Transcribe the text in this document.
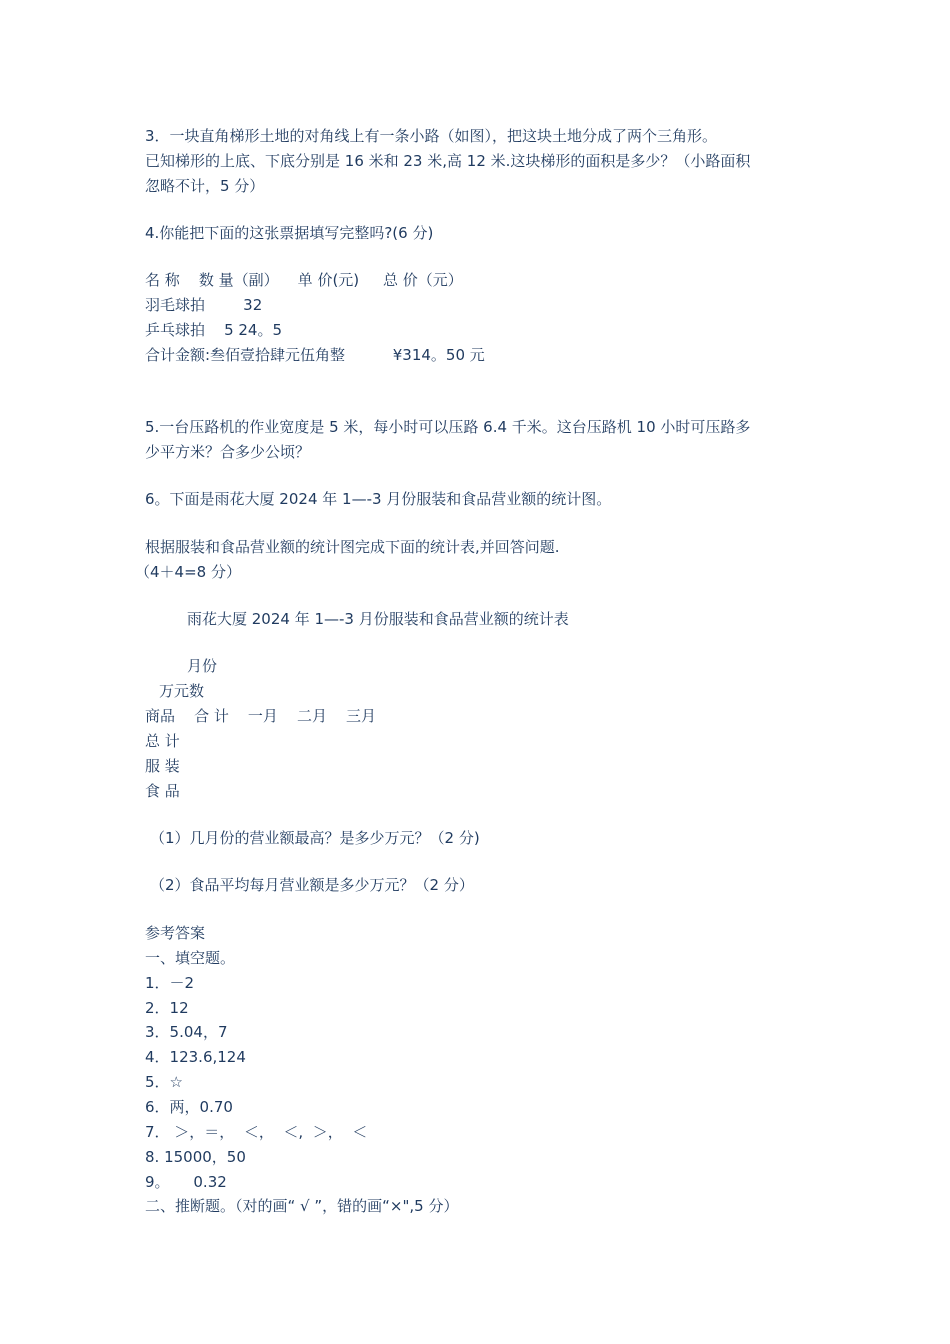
3．一块直角梯形土地的对角线上有一条小路（如图），把这块土地分成了两个三角形。
已知梯形的上底、下底分别是 16 米和 23 米,高 12 米.这块梯形的面积是多少？（小路面积
忽略不计，5 分）
4.你能把下面的这张票据填写完整吗?(6 分)
名 称    数 量（副）    单 价(元)     总 价（元）
羽毛球拍        32
乒乓球拍    5 24。5
合计金额:叁佰壹拾肆元伍角整          ¥314。50 元
5.一台压路机的作业宽度是 5 米，每小时可以压路 6.4 千米。这台压路机 10 小时可压路多
少平方米？合多少公顷？
6。下面是雨花大厦 2024 年 1—-3 月份服装和食品营业额的统计图。
根据服装和食品营业额的统计图完成下面的统计表,并回答问题.
（4＋4=8 分）
雨花大厦 2024 年 1—-3 月份服装和食品营业额的统计表
月份
万元数
商品    合 计    一月    二月    三月
总 计
服 装
食 品
（1）几月份的营业额最高？是多少万元？（2 分)
（2）食品平均每月营业额是多少万元？（2 分）
参考答案
一、填空题。
1．－2
2．12
3．5.04，7
4．123.6,124
5．☆
6．两，0.70
7． ＞，＝，  ＜，  ＜,  ＞，  ＜
8. 15000，50
9。     0.32
二、推断题。（对的画“ √ ”，错的画“×",5 分）
